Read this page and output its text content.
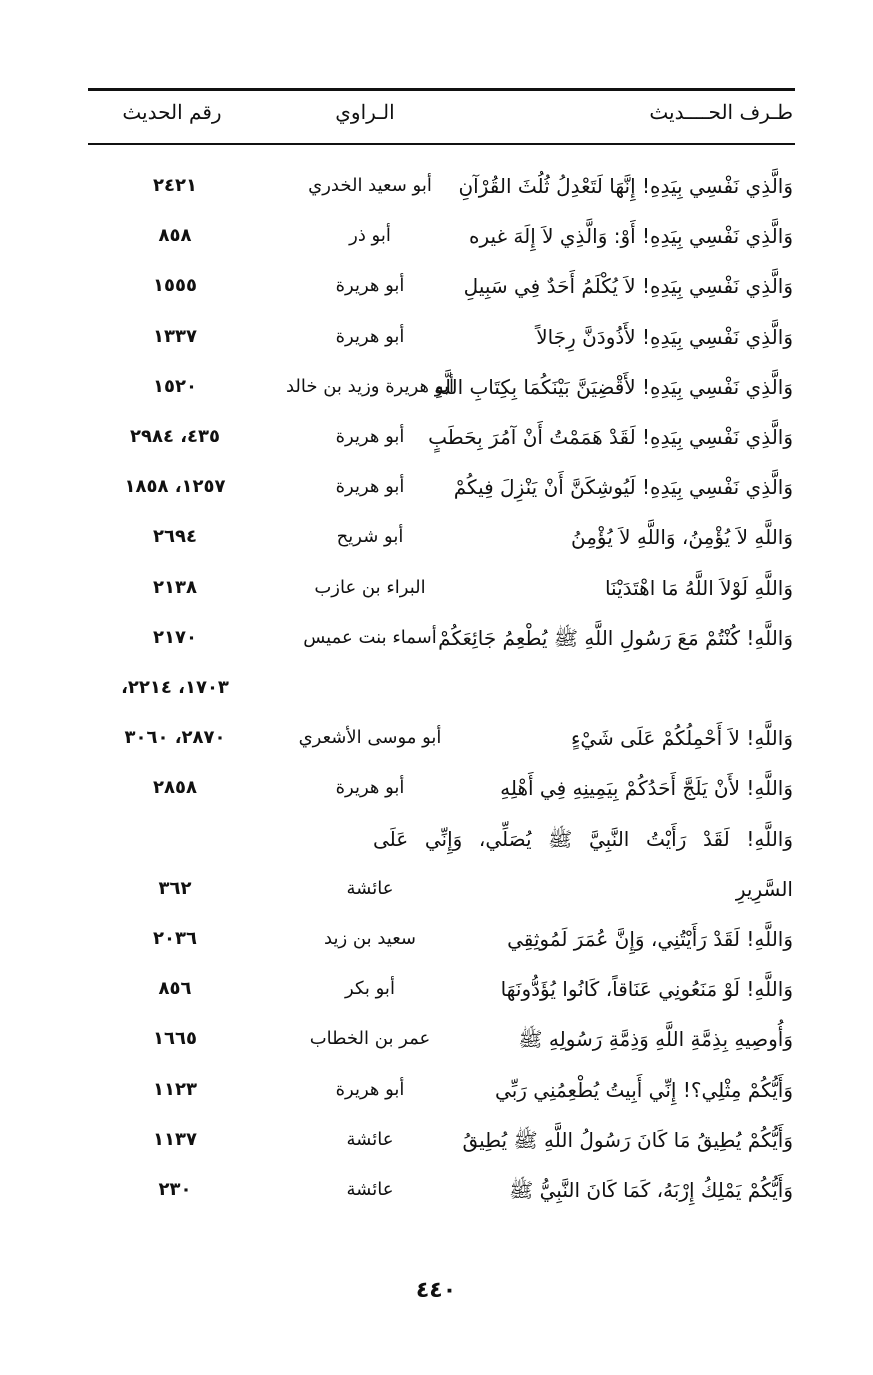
طـرف الحــــديث
الـراوي
رقم الحديث
وَالَّذِي نَفْسِي بِيَدِهِ! إِنَّهَا لَتَعْدِلُ ثُلُثَ القُرْآنِ
أبو سعيد الخدري
٢٤٢١
وَالَّذِي نَفْسِي بِيَدِهِ! أَوْ: وَالَّذِي لاَ إِلَهَ غيره
أبو ذر
٨٥٨
وَالَّذِي نَفْسِي بِيَدِهِ! لاَ يُكْلَمُ أَحَدٌ فِي سَبِيلِ
أبو هريرة
١٥٥٥
وَالَّذِي نَفْسِي بِيَدِهِ! لأَذُودَنَّ رِجَالاً
أبو هريرة
١٣٣٧
وَالَّذِي نَفْسِي بِيَدِهِ! لأَقْضِيَنَّ بَيْنَكُمَا بِكِتَابِ اللَّهِ
أبو هريرة وزيد بن خالد
١٥٢٠
وَالَّذِي نَفْسِي بِيَدِهِ! لَقَدْ هَمَمْتُ أَنْ آمُرَ بِحَطَبٍ
أبو هريرة
٤٣٥، ٢٩٨٤
وَالَّذِي نَفْسِي بِيَدِهِ! لَيُوشِكَنَّ أَنْ يَنْزِلَ فِيكُمْ
أبو هريرة
١٢٥٧، ١٨٥٨
وَاللَّهِ لاَ يُؤْمِنُ، وَاللَّهِ لاَ يُؤْمِنُ
أبو شريح
٢٦٩٤
وَاللَّهِ لَوْلاَ اللَّهُ مَا اهْتَدَيْنَا
البراء بن عازب
٢١٣٨
وَاللَّهِ! كُنْتُمْ مَعَ رَسُولِ اللَّهِ ﷺ يُطْعِمُ جَائِعَكُمْ
أسماء بنت عميس
٢١٧٠
١٧٠٣، ٢٢١٤،
وَاللَّهِ! لاَ أَحْمِلُكُمْ عَلَى شَيْءٍ
أبو موسى الأشعري
٢٨٧٠، ٣٠٦٠
وَاللَّهِ! لأَنْ يَلَجَّ أَحَدُكُمْ بِيَمِينِهِ فِي أَهْلِهِ
أبو هريرة
٢٨٥٨
وَاللَّهِ! لَقَدْ رَأَيْتُ النَّبِيَّ ﷺ يُصَلِّي، وَإِنِّي عَلَى
السَّرِيرِ
عائشة
٣٦٢
وَاللَّهِ! لَقَدْ رَأَيْتُنِي، وَإِنَّ عُمَرَ لَمُوثِقِي
سعيد بن زيد
٢٠٣٦
وَاللَّهِ! لَوْ مَنَعُونِي عَنَاقاً، كَانُوا يُؤَدُّونَهَا
أبو بكر
٨٥٦
وَأُوصِيهِ بِذِمَّةِ اللَّهِ وَذِمَّةِ رَسُولِهِ ﷺ
عمر بن الخطاب
١٦٦٥
وَأَيُّكُمْ مِثْلِي؟! إِنِّي أَبِيتُ يُطْعِمُنِي رَبِّي
أبو هريرة
١١٢٣
وَأَيُّكُمْ يُطِيقُ مَا كَانَ رَسُولُ اللَّهِ ﷺ يُطِيقُ
عائشة
١١٣٧
وَأَيُّكُمْ يَمْلِكُ إِرْبَهُ، كَمَا كَانَ النَّبِيُّ ﷺ
عائشة
٢٣٠
٤٤٠
